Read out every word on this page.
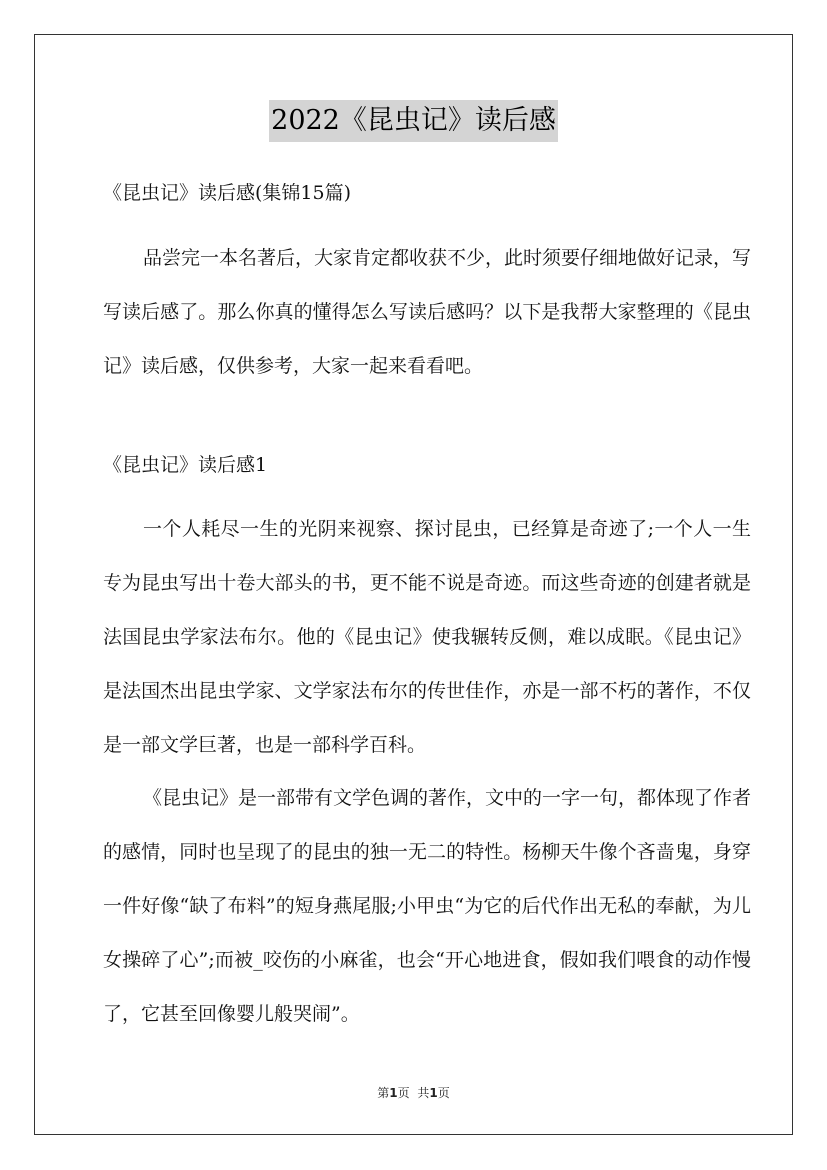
2022《昆虫记》读后感
《昆虫记》读后感(集锦15篇)
品尝完一本名著后，大家肯定都收获不少，此时须要仔细地做好记录，写写读后感了。那么你真的懂得怎么写读后感吗？以下是我帮大家整理的《昆虫记》读后感，仅供参考，大家一起来看看吧。
《昆虫记》读后感1
一个人耗尽一生的光阴来视察、探讨昆虫，已经算是奇迹了;一个人一生专为昆虫写出十卷大部头的书，更不能不说是奇迹。而这些奇迹的创建者就是法国昆虫学家法布尔。他的《昆虫记》使我辗转反侧，难以成眠。《昆虫记》是法国杰出昆虫学家、文学家法布尔的传世佳作，亦是一部不朽的著作，不仅是一部文学巨著，也是一部科学百科。
《昆虫记》是一部带有文学色调的著作，文中的一字一句，都体现了作者的感情，同时也呈现了的昆虫的独一无二的特性。杨柳天牛像个吝啬鬼，身穿一件好像“缺了布料”的短身燕尾服;小甲虫“为它的后代作出无私的奉献，为儿女操碎了心”;而被_咬伤的小麻雀，也会“开心地进食，假如我们喂食的动作慢了，它甚至回像婴儿般哭闹”。
第1页 共1页
